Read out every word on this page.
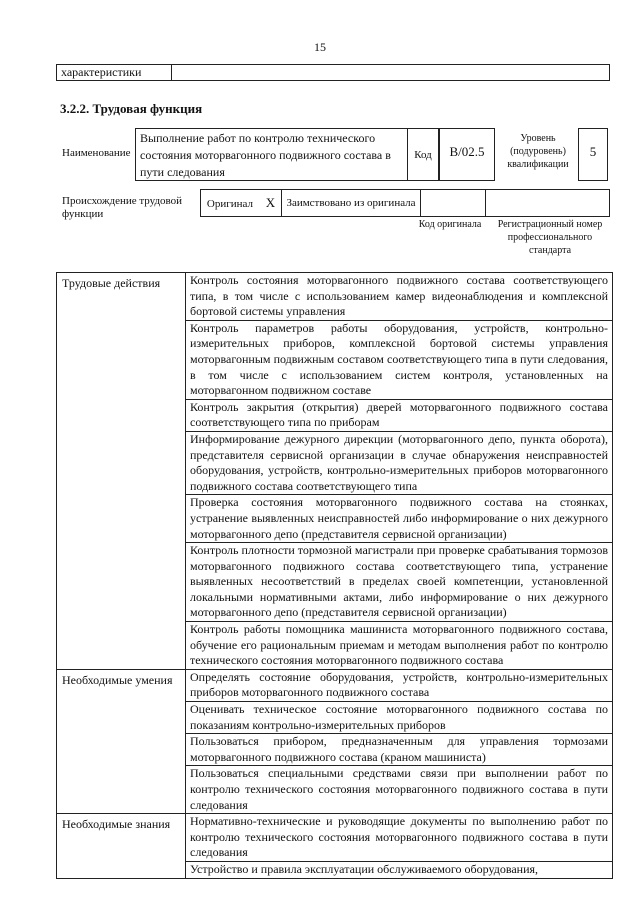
15
характеристики	
3.2.2. Трудовая функция
Наименование
Выполнение работ по контролю технического состояния моторвагонного подвижного состава в пути следования
Код	B/02.5
Уровень (подуровень) квалификации
5
Происхождение трудовой функции
Оригинал X	Заимствовано из оригинала		
Код оригинала	Регистрационный номер профессионального стандарта
Трудовые действия	Контроль состояния моторвагонного подвижного состава соответствующего типа, в том числе с использованием камер видеонаблюдения и комплексной бортовой системы управления
	Контроль параметров работы оборудования, устройств, контрольно-измерительных приборов, комплексной бортовой системы управления моторвагонным подвижным составом соответствующего типа в пути следования, в том числе с использованием систем контроля, установленных на моторвагонном подвижном составе
	Контроль закрытия (открытия) дверей моторвагонного подвижного состава соответствующего типа по приборам
	Информирование дежурного дирекции (моторвагонного депо, пункта оборота), представителя сервисной организации в случае обнаружения неисправностей оборудования, устройств, контрольно-измерительных приборов моторвагонного подвижного состава соответствующего типа
	Проверка состояния моторвагонного подвижного состава на стоянках, устранение выявленных неисправностей либо информирование о них дежурного моторвагонного депо (представителя сервисной организации)
	Контроль плотности тормозной магистрали при проверке срабатывания тормозов моторвагонного подвижного состава соответствующего типа, устранение выявленных несоответствий в пределах своей компетенции, установленной локальными нормативными актами, либо информирование о них дежурного моторвагонного депо (представителя сервисной организации)
	Контроль работы помощника машиниста моторвагонного подвижного состава, обучение его рациональным приемам и методам выполнения работ по контролю технического состояния моторвагонного подвижного состава
Необходимые умения	Определять состояние оборудования, устройств, контрольно-измерительных приборов моторвагонного подвижного состава
	Оценивать техническое состояние моторвагонного подвижного состава по показаниям контрольно-измерительных приборов
	Пользоваться прибором, предназначенным для управления тормозами моторвагонного подвижного состава (краном машиниста)
	Пользоваться специальными средствами связи при выполнении работ по контролю технического состояния моторвагонного подвижного состава в пути следования
Необходимые знания	Нормативно-технические и руководящие документы по выполнению работ по контролю технического состояния моторвагонного подвижного состава в пути следования
	Устройство и правила эксплуатации обслуживаемого оборудования,
